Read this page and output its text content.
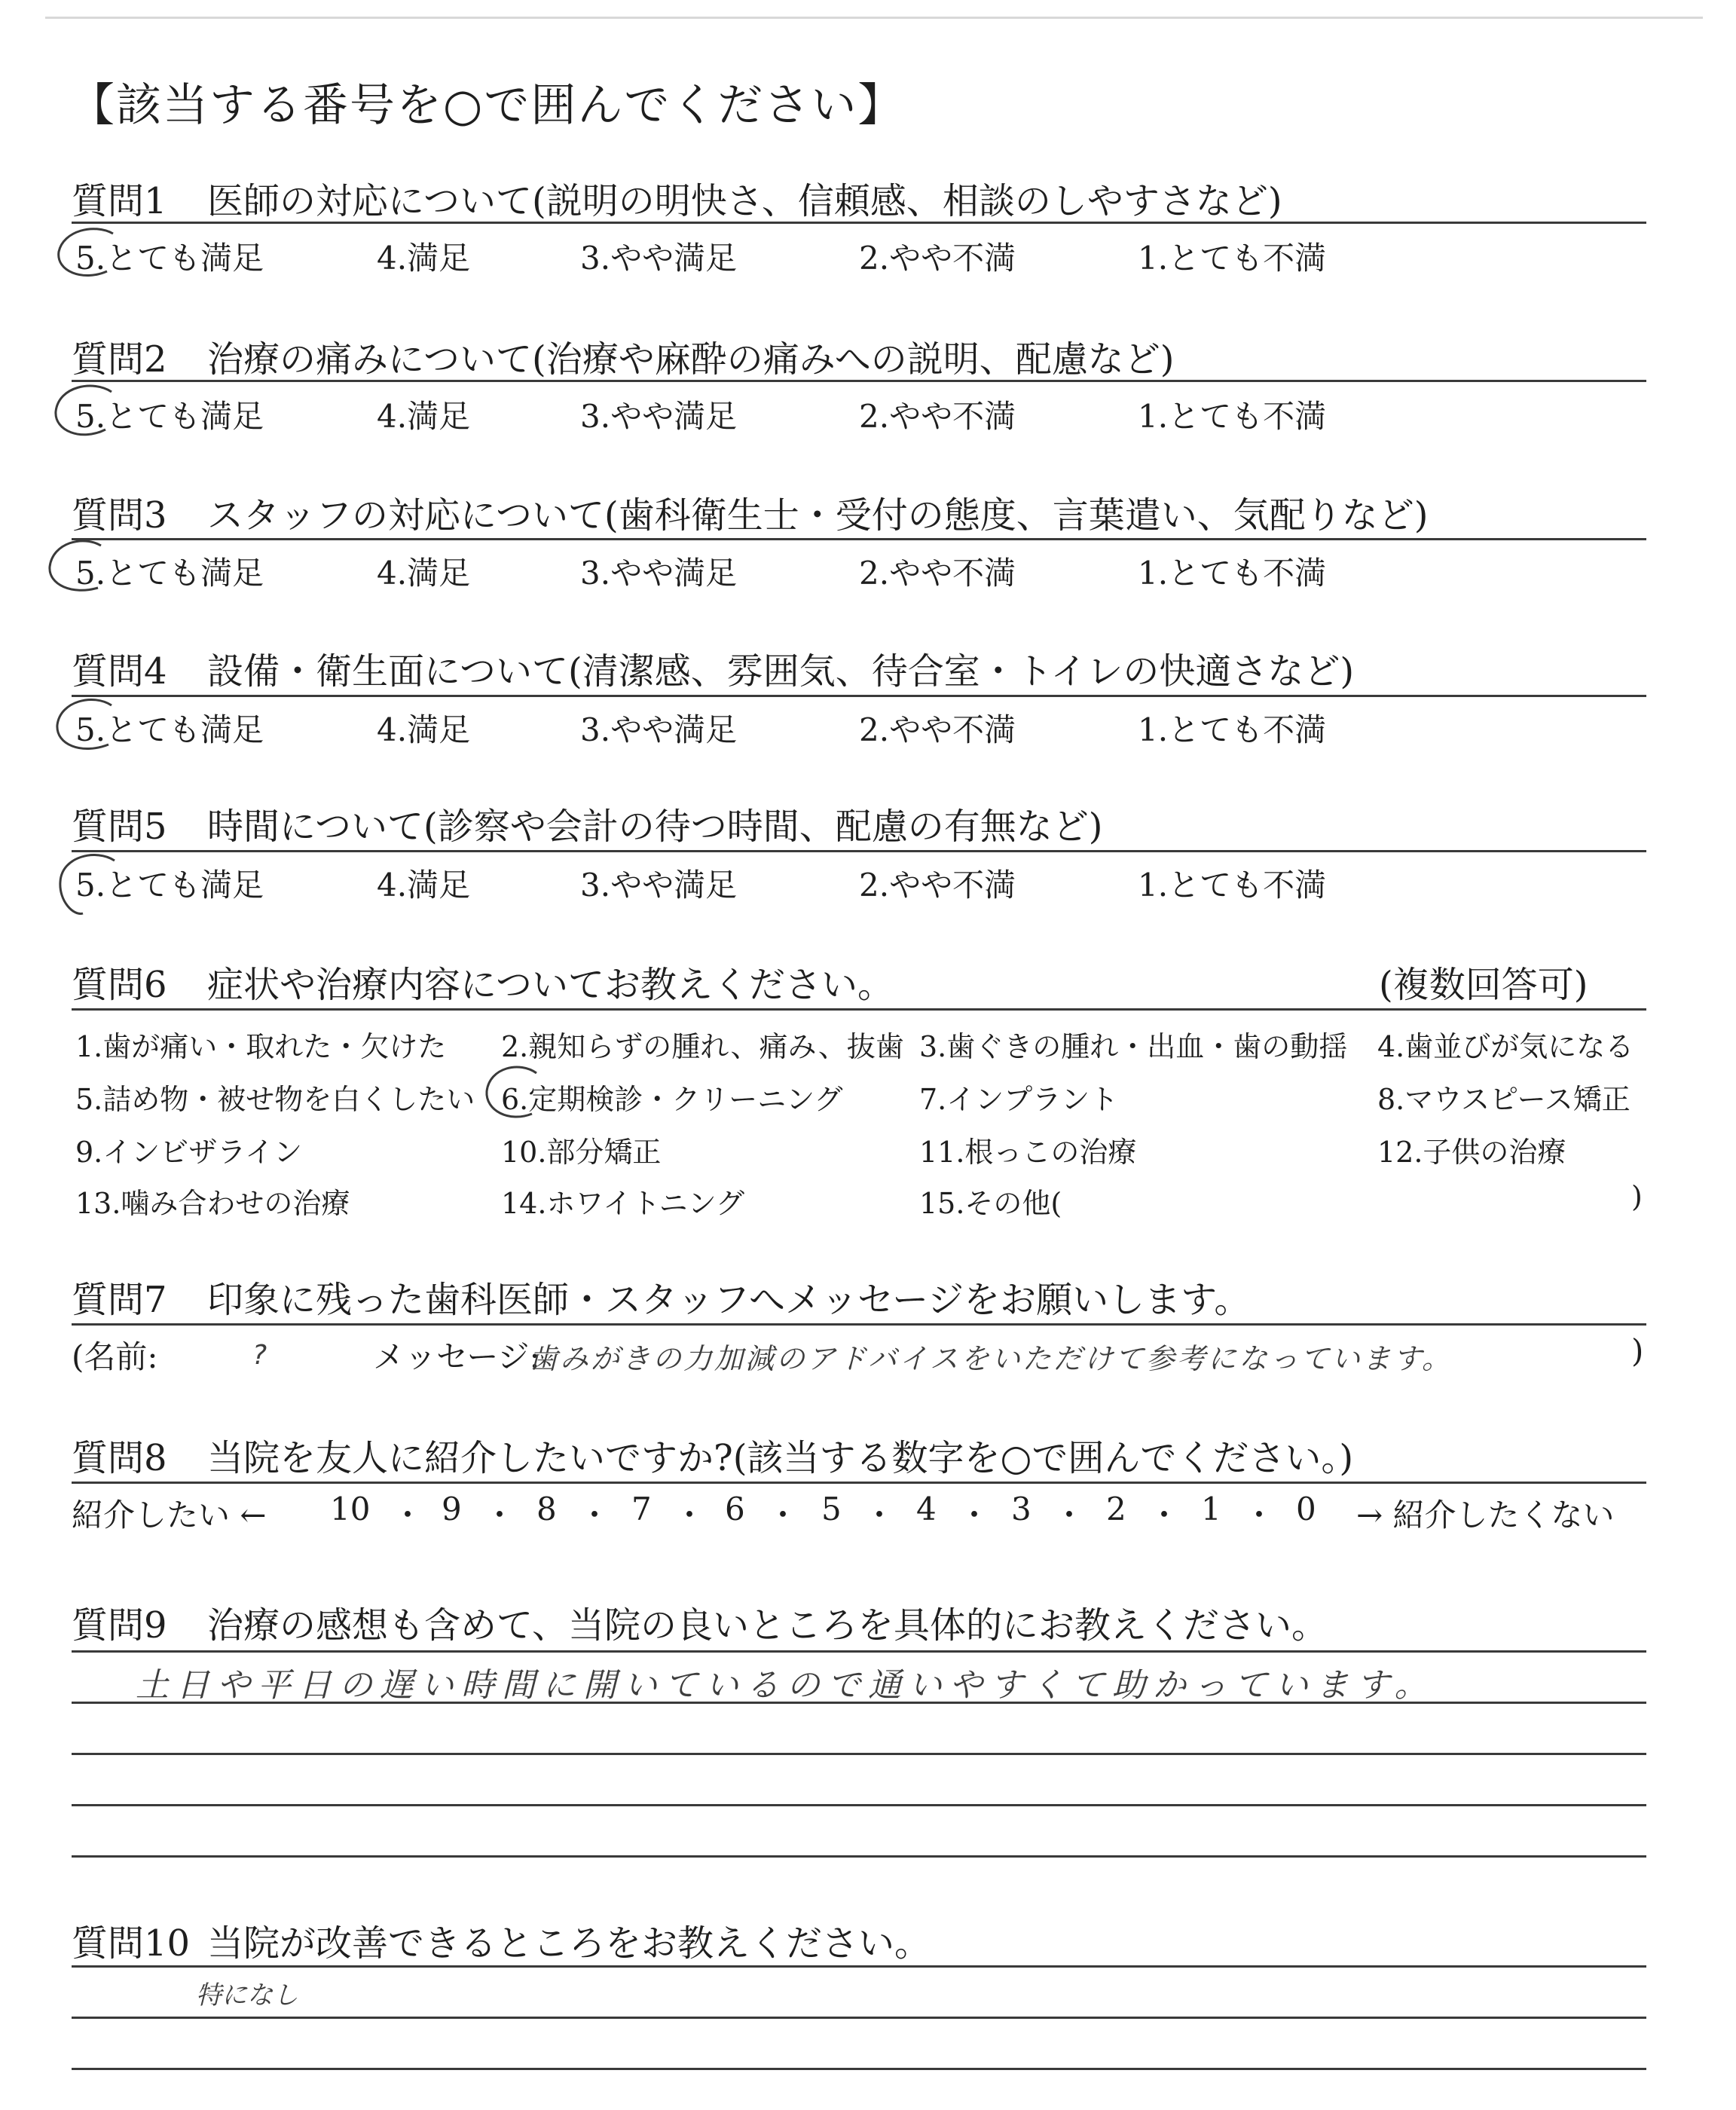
【該当する番号を○で囲んでください】
質問1 医師の対応について(説明の明快さ、信頼感、相談のしやすさなど)
5.とても満足	4.満足	3.やや満足	2.やや不満	1.とても不満
質問2 治療の痛みについて(治療や麻酔の痛みへの説明、配慮など)
5.とても満足	4.満足	3.やや満足	2.やや不満	1.とても不満
質問3 スタッフの対応について(歯科衛生士・受付の態度、言葉遣い、気配りなど)
5.とても満足	4.満足	3.やや満足	2.やや不満	1.とても不満
質問4 設備・衛生面について(清潔感、雰囲気、待合室・トイレの快適さなど)
5.とても満足	4.満足	3.やや満足	2.やや不満	1.とても不満
質問5 時間について(診察や会計の待つ時間、配慮の有無など)
5.とても満足	4.満足	3.やや満足	2.やや不満	1.とても不満
質問6 症状や治療内容についてお教えください。	(複数回答可)
1.歯が痛い・取れた・欠けた 2.親知らずの腫れ、痛み、抜歯 3.歯ぐきの腫れ・出血・歯の動揺 4.歯並びが気になる
5.詰め物・被せ物を白くしたい 6.定期検診・クリーニング	7.インプラント	8.マウスピース矯正
9.インビザライン	10.部分矯正	11.根っこの治療	12.子供の治療
13.噛み合わせの治療	14.ホワイトニング	15.その他(	)
質問7 印象に残った歯科医師・スタッフへメッセージをお願いします。
(名前:	?	メッセージ:
歯みがきの力加減のアドバイスをいただけて参考になっています。	)
質問8 当院を友人に紹介したいですか?(該当する数字を○で囲んでください。)
紹介したい ← 10 ・ 9 ・ 8 ・ 7 ・ 6 ・ 5 ・ 4 ・ 3 ・ 2 ・ 1 ・ 0 → 紹介したくない
質問9 治療の感想も含めて、当院の良いところを具体的にお教えください。
土日や平日の遅い時間に開いているので通いやすくて助かっています。
質問10 当院が改善できるところをお教えください。
特になし
